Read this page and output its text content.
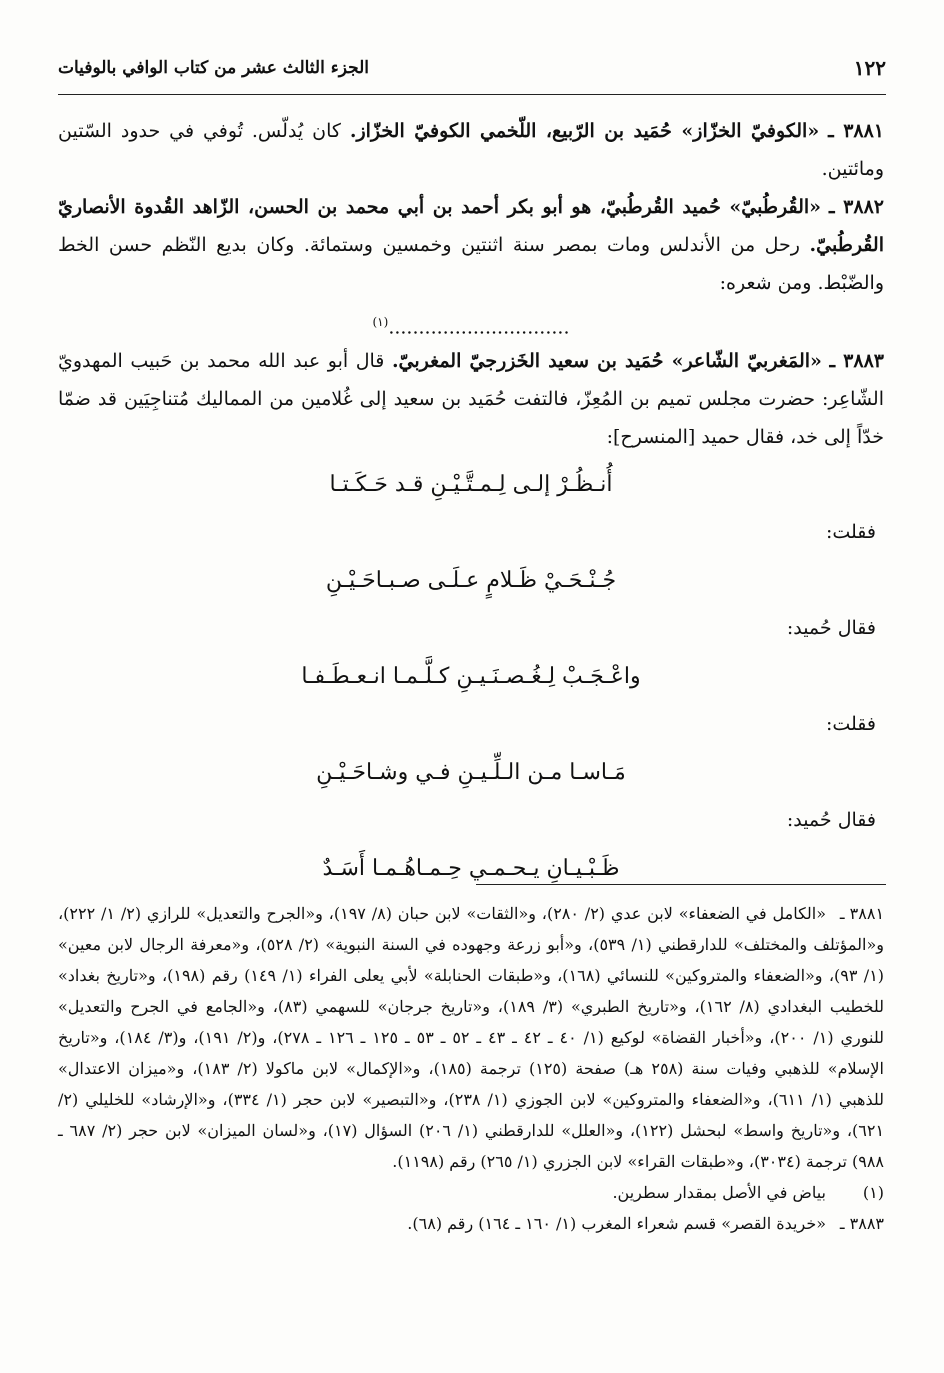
١٢٢
الجزء الثالث عشر من كتاب الوافي بالوفيات

٣٨٨١ ـ «الكوفيّ الخزّاز» حُمَيد بن الرّبيع، اللّخمي الكوفيّ الخزّاز. كان يُدلّس. تُوفي في حدود السّتين ومائتين.

٣٨٨٢ ـ «القُرطُبيّ» حُميد القُرطُبيّ، هو أبو بكر أحمد بن أبي محمد بن الحسن، الزّاهد القُدوة الأنصاريّ القُرطُبيّ. رحل من الأندلس ومات بمصر سنة اثنتين وخمسين وستمائة. وكان بديع النّظم حسن الخط والضّبْط. ومن شعره:

..............................$^{(١)}$

٣٨٨٣ ـ «المَغربيّ الشّاعر» حُمَيد بن سعيد الخَزرجيّ المغربيّ. قال أبو عبد الله محمد بن حَبيب المهدويّ الشّاعِر: حضرت مجلس تميم بن المُعِزّ، فالتفت حُمَيد بن سعيد إلى غُلامين من المماليك مُتناجِيَين قد ضمّا خدّاً إلى خد، فقال حميد [المنسرح]:

أُنـظُـرْ إلـى لِـمـتَّـيْـنِ قـد حَـكَـتـا
فقلت:
جُـنْـحَـيْ ظَـلامٍ عـلَـى صـبـاحَـيْـنِ
فقال حُميد:
واعْـجَـبْ لِـغُـصـنَـيـنِ كـلَّـمـا انـعـطَـفـا
فقلت:
مَـاسـا مـن الـلِّـيـنِ فـي وشـاحَـيْـنِ
فقال حُميد:
ظَـبْـيـانِ يـحـمـي حِـمـاهُـمـا أَسَـدٌ

٣٨٨١ ـ«الكامل في الضعفاء» لابن عدي (٢/ ٢٨٠)، و«الثقات» لابن حبان (٨/ ١٩٧)، و«الجرح والتعديل» للرازي (٢/ ١/ ٢٢٢)، و«المؤتلف والمختلف» للدارقطني (١/ ٥٣٩)، و«أبو زرعة وجهوده في السنة النبوية» (٢/ ٥٢٨)، و«معرفة الرجال لابن معين» (١/ ٩٣)، و«الضعفاء والمتروكين» للنسائي (١٦٨)، و«طبقات الحنابلة» لأبي يعلى الفراء (١/ ١٤٩) رقم (١٩٨)، و«تاريخ بغداد» للخطيب البغدادي (٨/ ١٦٢)، و«تاريخ الطبري» (٣/ ١٨٩)، و«تاريخ جرجان» للسهمي (٨٣)، و«الجامع في الجرح والتعديل» للنوري (١/ ٢٠٠)، و«أخبار القضاة» لوكيع (١/ ٤٠ ـ ٤٢ ـ ٤٣ ـ ٥٢ ـ ٥٣ ـ ١٢٥ ـ ١٢٦ ـ ٢٧٨)، و(٢/ ١٩١)، و(٣/ ١٨٤)، و«تاريخ الإسلام» للذهبي وفيات سنة (٢٥٨ هـ) صفحة (١٢٥) ترجمة (١٨٥)، و«الإكمال» لابن ماكولا (٢/ ١٨٣)، و«ميزان الاعتدال» للذهبي (١/ ٦١١)، و«الضعفاء والمتروكين» لابن الجوزي (١/ ٢٣٨)، و«التبصير» لابن حجر (١/ ٣٣٤)، و«الإرشاد» للخليلي (٢/ ٦٢١)، و«تاريخ واسط» لبحشل (١٢٢)، و«العلل» للدارقطني (١/ ٢٠٦) السؤال (١٧)، و«لسان الميزان» لابن حجر (٢/ ٦٨٧ ـ ٩٨٨) ترجمة (٣٠٣٤)، و«طبقات القراء» لابن الجزري (١/ ٢٦٥) رقم (١١٩٨).

(١)بياض في الأصل بمقدار سطرين.

٣٨٨٣ ـ«خريدة القصر» قسم شعراء المغرب (١/ ١٦٠ ـ ١٦٤) رقم (٦٨).
